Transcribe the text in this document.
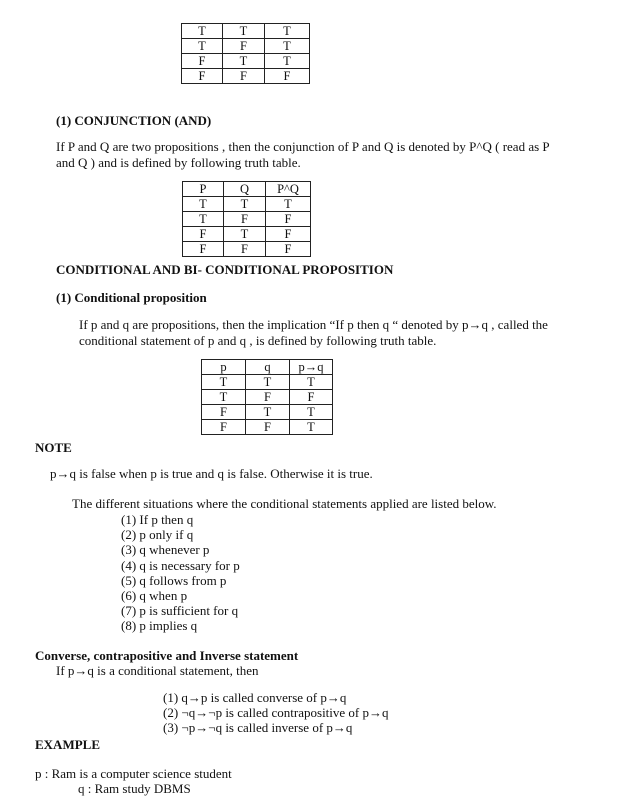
T	T	T
T	F	T
F	T	T
F	F	F
(1) CONJUNCTION (AND)
If P and Q are two propositions , then the conjunction of P and Q is denoted by P^Q ( read as P
and Q ) and is defined by following truth table.
P	Q	P^Q
T	T	T
T	F	F
F	T	F
F	F	F
CONDITIONAL AND BI- CONDITIONAL PROPOSITION
(1) Conditional proposition
If p and q are propositions, then the implication “If p then q “ denoted by p→q , called the
conditional statement of p and q , is defined by following truth table.
p	q	p→q
T	T	T
T	F	F
F	T	T
F	F	T
NOTE
p→q is false when p is true and q is false. Otherwise it is true.
The different situations where the conditional statements applied are listed below.
(1) If p then q
(2) p only if q
(3) q whenever p
(4) q is necessary for p
(5) q follows from p
(6) q when p
(7) p is sufficient for q
(8) p implies q
Converse, contrapositive and Inverse statement
If p→q is a conditional statement, then
(1) q→p is called converse of p→q
(2) ¬q→¬p is called contrapositive of p→q
(3) ¬p→¬q is called inverse of p→q
EXAMPLE
p : Ram is a computer science student
q : Ram study DBMS
